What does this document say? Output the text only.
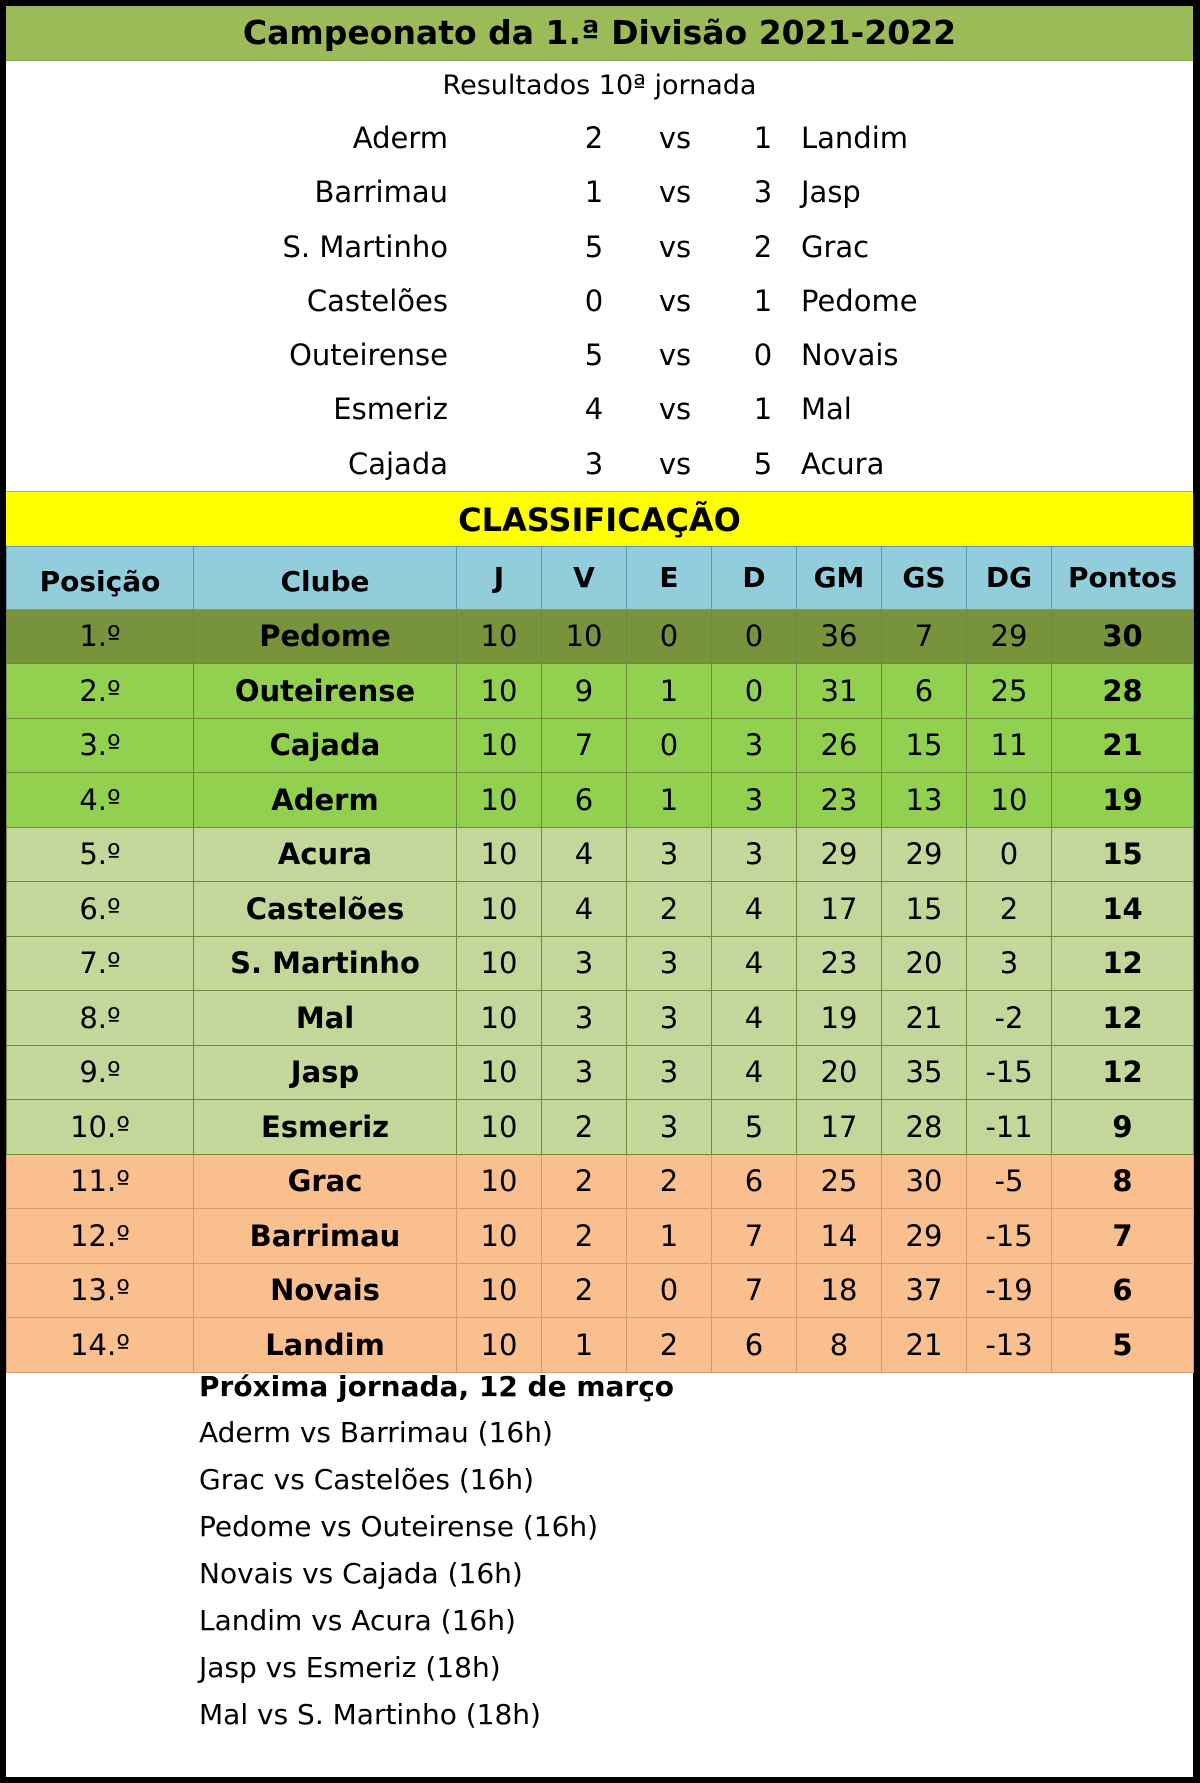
Campeonato da 1.ª Divisão 2021-2022
Resultados 10ª jornada
Aderm	2	vs	1 Landim
Barrimau	1	vs	3 Jasp
S. Martinho	5	vs	2 Grac
Castelões	0	vs	1 Pedome
Outeirense	5	vs	0 Novais
Esmeriz	4	vs	1 Mal
Cajada	3	vs	5 Acura
CLASSIFICAÇÃO
Posição	Clube	J	V	E	D	GM	GS	DG	Pontos
1.º	Pedome	10	10	0	0	36	7	29	30
2.º	Outeirense	10	9	1	0	31	6	25	28
3.º	Cajada	10	7	0	3	26	15	11	21
4.º	Aderm	10	6	1	3	23	13	10	19
5.º	Acura	10	4	3	3	29	29	0	15
6.º	Castelões	10	4	2	4	17	15	2	14
7.º	S. Martinho	10	3	3	4	23	20	3	12
8.º	Mal	10	3	3	4	19	21	-2	12
9.º	Jasp	10	3	3	4	20	35	-15	12
10.º	Esmeriz	10	2	3	5	17	28	-11	9
11.º	Grac	10	2	2	6	25	30	-5	8
12.º	Barrimau	10	2	1	7	14	29	-15	7
13.º	Novais	10	2	0	7	18	37	-19	6
14.º	Landim	10	1	2	6	8	21	-13	5
Próxima jornada, 12 de março
Aderm vs Barrimau (16h)
Grac vs Castelões (16h)
Pedome vs Outeirense (16h)
Novais vs Cajada (16h)
Landim vs Acura (16h)
Jasp vs Esmeriz (18h)
Mal vs S. Martinho (18h)
